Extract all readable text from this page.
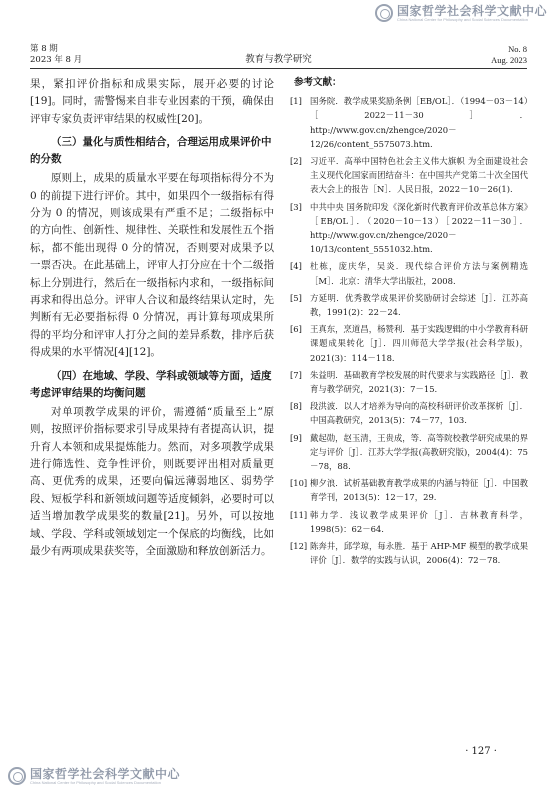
国家哲学社会科学文献中心
China National Center for Philosophy and Social Sciences Documentation
国家哲学社会科学文献中心
China National Center for Philosophy and Social Sciences Documentation
第 8 期
2023 年 8 月	教育与教学研究
No. 8
Aug. 2023

果，紧扣评价指标和成果实际，展开必要的讨论[19]。同时，需警惕来自非专业因素的干预，确保由评审专家负责评审结果的权威性[20]。

（三）量化与质性相结合，合理运用成果评价中的分数

原则上，成果的质量水平要在每项指标得分不为 0 的前提下进行评价。其中，如果四个一级指标有得分为 0 的情况，则该成果有严重不足；二级指标中的方向性、创新性、规律性、关联性和发展性五个指标，都不能出现得 0 分的情况，否则要对成果予以一票否决。在此基础上，评审人打分应在十个二级指标上分别进行，然后在一级指标内求和，一级指标间再求和得出总分。评审人合议和最终结果认定时，先判断有无必要指标得 0 分情况，再计算每项成果所得的平均分和评审人打分之间的差异系数，排序后获得成果的水平情况[4][12]。

（四）在地域、学段、学科或领域等方面，适度考虑评审结果的均衡问题

对单项教学成果的评价，需遵循“质量至上”原则，按照评价指标要求引导成果持有者提高认识，提升育人本领和成果提炼能力。然而，对多项教学成果进行筛选性、竞争性评价，则既要评出相对质量更高、更优秀的成果，还要向偏远薄弱地区、弱势学段、短板学科和新领域问题等适度倾斜，必要时可以适当增加教学成果奖的数量[21]。另外，可以按地域、学段、学科或领域划定一个保底的均衡线，比如最少有两项成果获奖等，全面激励和释放创新活力。

参考文献：
[1] 国务院．教学成果奖励条例［EB/OL］．（1994－03－14）［2022－11－30］．http://www.gov.cn/zhengce/2020－12/26/content_5575073.htm.
[2] 习近平．高举中国特色社会主义伟大旗帜 为全面建设社会主义现代化国家而团结奋斗：在中国共产党第二十次全国代表大会上的报告［N］．人民日报，2022－10－26(1).
[3] 中共中央 国务院印发《深化新时代教育评价改革总体方案》［EB/OL］．（2020－10－13）［2022－11－30］．http://www.gov.cn/zhengce/2020－10/13/content_5551032.htm.
[4] 杜栋，庞庆华，吴炎．现代综合评价方法与案例精选［M］．北京：清华大学出版社，2008.
[5] 方延明．优秀教学成果评价奖励研讨会综述［J］．江苏高教，1991(2)：22－24.
[6] 王真东，烹道昌，杨赞利．基于实践逻辑的中小学教育科研课题成果转化［J］．四川师范大学学报(社会科学版)，2021(3)：114－118.
[7] 朱益明．基础教育学校发展的时代要求与实践路径［J］．教育与教学研究，2021(3)：7－15.
[8] 段洪波．以人才培养为导向的高校科研评价改革探析［J］．中国高教研究，2013(5)：74－77，103.
[9] 戴起勋，赵玉清，王贵成，等．高等院校教学研究成果的界定与评价［J］．江苏大学学报(高教研究版)，2004(4)：75－78，88.
[10] 柳夕浪．试析基础教育教学成果的内涵与特征［J］．中国教育学刊，2013(5)：12－17，29.
[11] 韩力学．浅议教学成果评价［J］．吉林教育科学，1998(5)：62－64.
[12] 陈奔井，邱学琼，每永胜．基于 AHP-MF 模型的教学成果评价［J］．数学的实践与认识，2006(4)：72－78.
· 127 ·
